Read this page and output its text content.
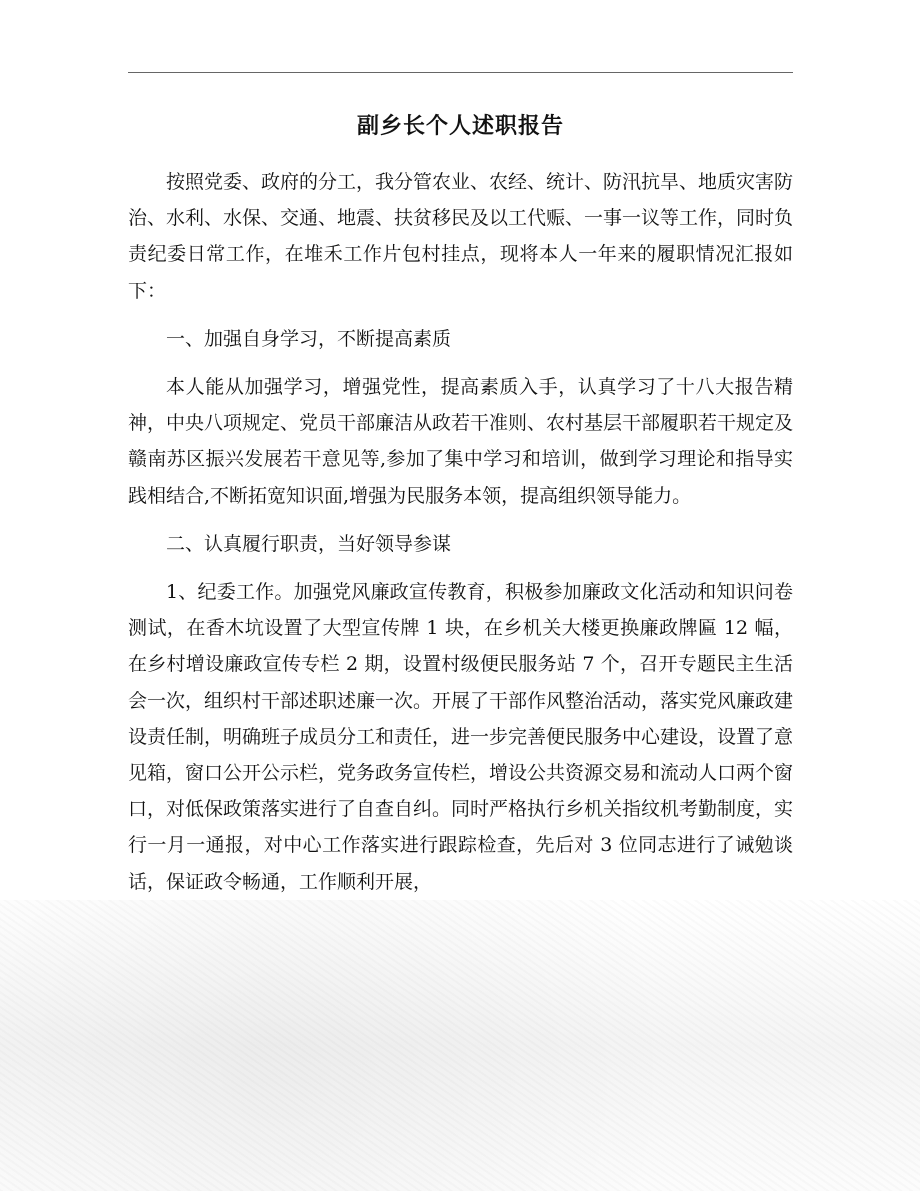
副乡长个人述职报告

按照党委、政府的分工，我分管农业、农经、统计、防汛抗旱、地质灾害防治、水利、水保、交通、地震、扶贫移民及以工代赈、一事一议等工作，同时负责纪委日常工作，在堆禾工作片包村挂点，现将本人一年来的履职情况汇报如下：

一、加强自身学习，不断提高素质

本人能从加强学习，增强党性，提高素质入手，认真学习了十八大报告精神，中央八项规定、党员干部廉洁从政若干准则、农村基层干部履职若干规定及赣南苏区振兴发展若干意见等,参加了集中学习和培训，做到学习理论和指导实践相结合,不断拓宽知识面,增强为民服务本领，提高组织领导能力。

二、认真履行职责，当好领导参谋

1、纪委工作。加强党风廉政宣传教育，积极参加廉政文化活动和知识问卷测试，在香木坑设置了大型宣传牌 1 块，在乡机关大楼更换廉政牌匾 12 幅，在乡村增设廉政宣传专栏 2 期，设置村级便民服务站 7 个，召开专题民主生活会一次，组织村干部述职述廉一次。开展了干部作风整治活动，落实党风廉政建设责任制，明确班子成员分工和责任，进一步完善便民服务中心建设，设置了意见箱，窗口公开公示栏，党务政务宣传栏，增设公共资源交易和流动人口两个窗口，对低保政策落实进行了自查自纠。同时严格执行乡机关指纹机考勤制度，实行一月一通报，对中心工作落实进行跟踪检查，先后对 3 位同志进行了诫勉谈话，保证政令畅通，工作顺利开展，
